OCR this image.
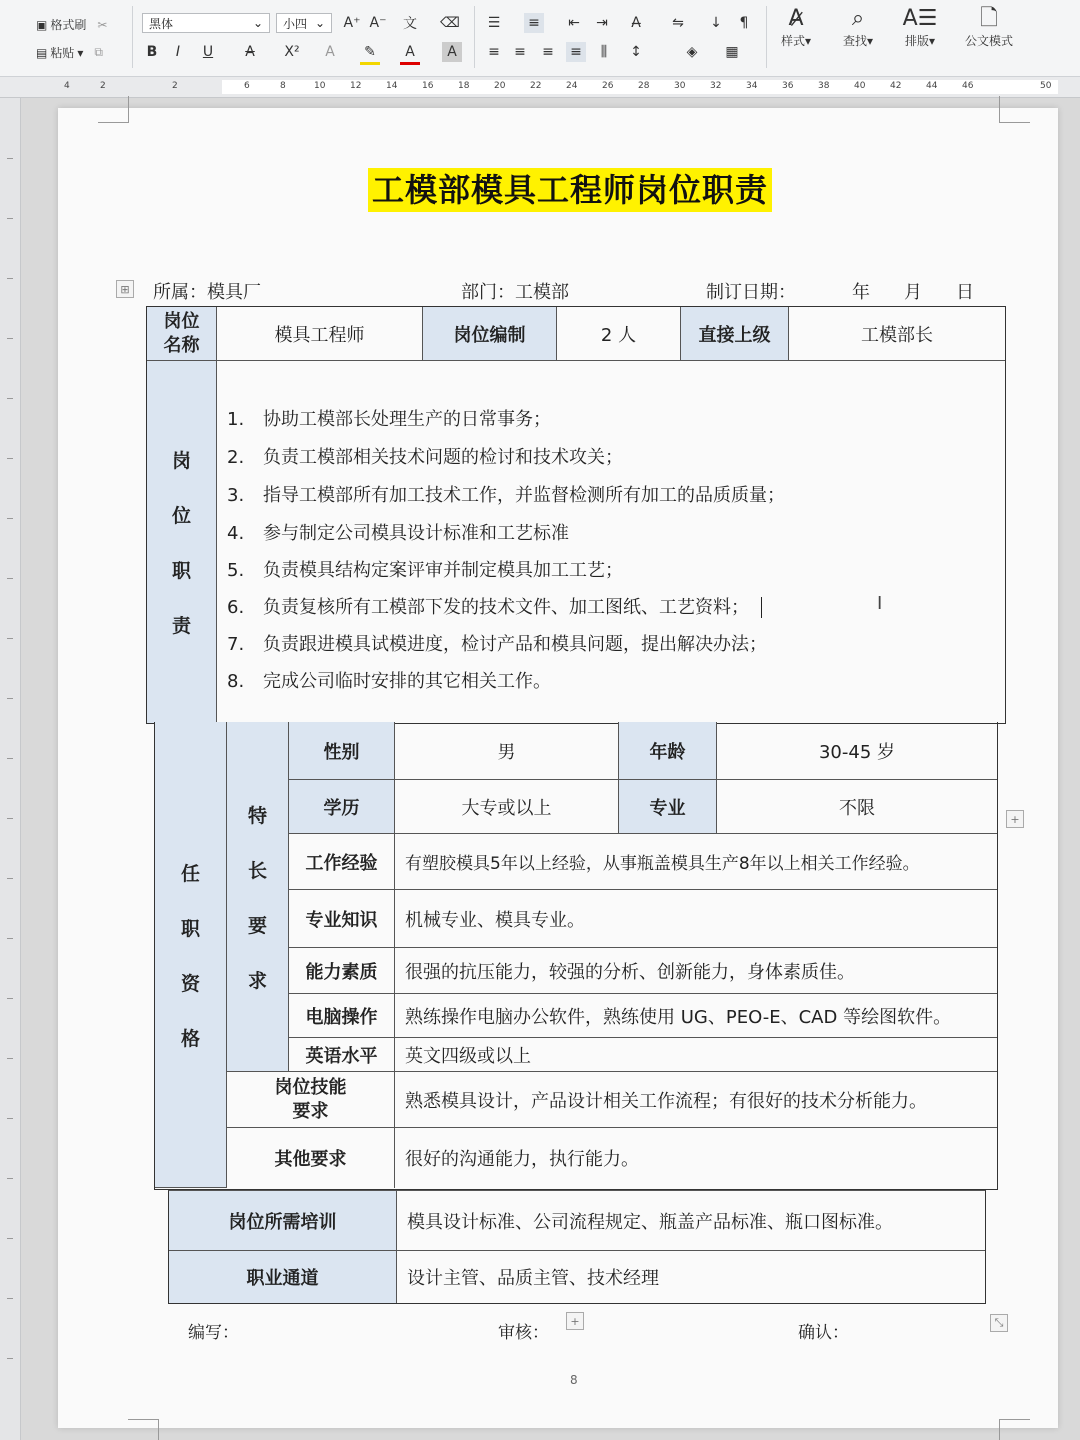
▣ 格式刷 ✂
▤ 粘贴 ▾ ⧉
黑体	⌄ 小四 ⌄ A⁺ A⁻ 文 ⌫
B	I	U	A	X²	A	✎	A	A
☰ ≡ ⇤ ⇥	A̶	⇋ ↓	¶
≡ ≡ ≡ ≡	⫼	↕	◈	▦
A̷
样式▾
⌕
查找▾
A☰
排版▾
🗋
公文模式
4	2	2	6	8	10	12	14	16	18	20	22	24	26	28	30	32	34	36	38	40	42	44	46	50
工模部模具工程师岗位职责
⊞ 所属：模具厂	部门：工模部	制订日期：	年 月 日
岗位
名称	模具工程师	岗位编制	2 人	直接上级	工模部长
岗
位
职
责
1. 协助工模部长处理生产的日常事务；
2. 负责工模部相关技术问题的检讨和技术攻关；
3. 指导工模部所有加工技术工作，并监督检测所有加工的品质质量；
4. 参与制定公司模具设计标准和工艺标准
5. 负责模具结构定案评审并制定模具加工工艺；
6. 负责复核所有工模部下发的技术文件、加工图纸、工艺资料；
7. 负责跟进模具试模进度，检讨产品和模具问题，提出解决办法；
8. 完成公司临时安排的其它相关工作。
I
任
职
资
格
特
长
要
求
性别	男	年龄	30-45 岁
学历	大专或以上	专业	不限
工作经验	有塑胶模具5年以上经验，从事瓶盖模具生产8年以上相关工作经验。
专业知识	机械专业、模具专业。
能力素质	很强的抗压能力，较强的分析、创新能力，身体素质佳。
电脑操作	熟练操作电脑办公软件，熟练使用 UG、PEO-E、CAD 等绘图软件。
英语水平	英文四级或以上
岗位技能
要求	熟悉模具设计，产品设计相关工作流程；有很好的技术分析能力。
其他要求	很好的沟通能力，执行能力。
+
岗位所需培训	模具设计标准、公司流程规定、瓶盖产品标准、瓶口图标准。
职业通道	设计主管、品质主管、技术经理
编写：	审核：
+
确认：
⤡
8
